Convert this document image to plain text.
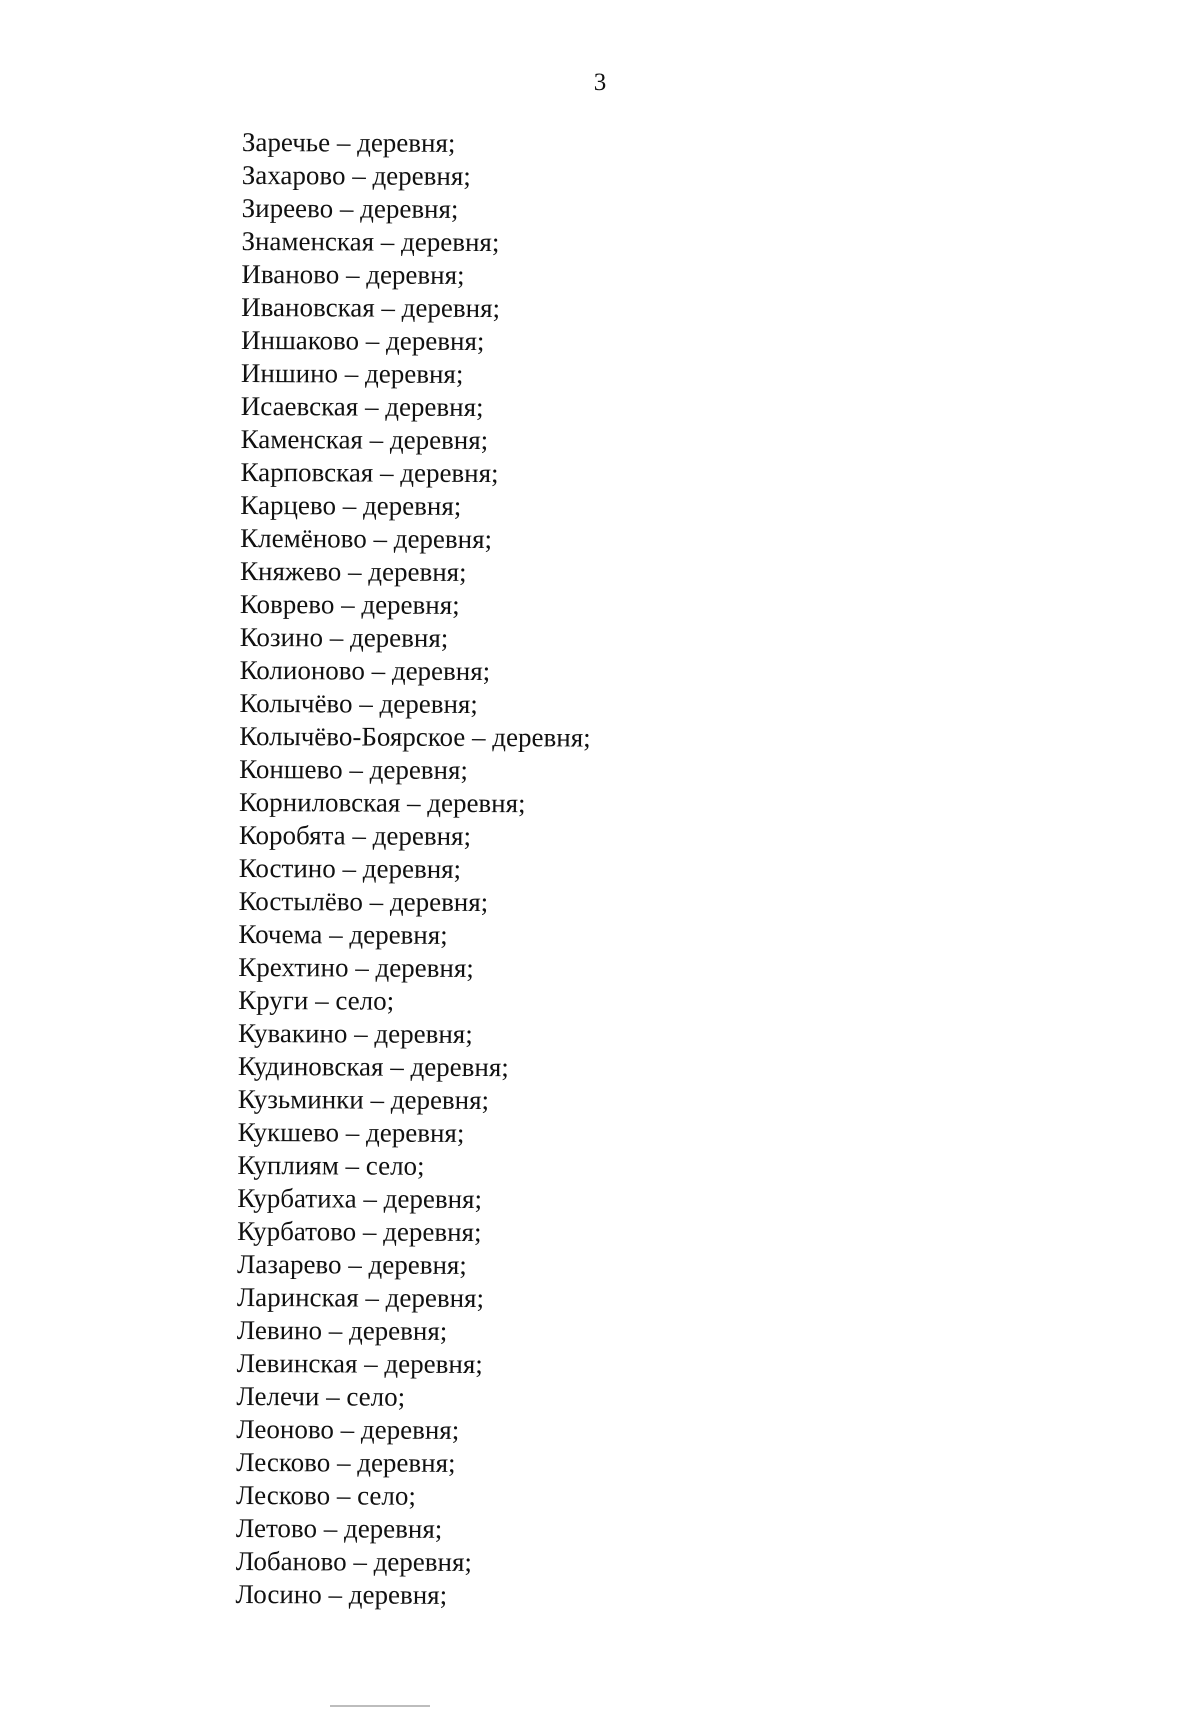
3
Заречье – деревня;
Захарово – деревня;
Зиреево – деревня;
Знаменская – деревня;
Иваново – деревня;
Ивановская – деревня;
Иншаково – деревня;
Иншино – деревня;
Исаевская – деревня;
Каменская – деревня;
Карповская – деревня;
Карцево – деревня;
Клемёново – деревня;
Княжево – деревня;
Коврево – деревня;
Козино – деревня;
Колионово – деревня;
Колычёво – деревня;
Колычёво-Боярское – деревня;
Коншево – деревня;
Корниловская – деревня;
Коробята – деревня;
Костино – деревня;
Костылёво – деревня;
Кочема – деревня;
Крехтино – деревня;
Круги – село;
Кувакино – деревня;
Кудиновская – деревня;
Кузьминки – деревня;
Кукшево – деревня;
Куплиям – село;
Курбатиха – деревня;
Курбатово – деревня;
Лазарево – деревня;
Ларинская – деревня;
Левино – деревня;
Левинская – деревня;
Лелечи – село;
Леоново – деревня;
Лесково – деревня;
Лесково – село;
Летово – деревня;
Лобаново – деревня;
Лосино – деревня;
